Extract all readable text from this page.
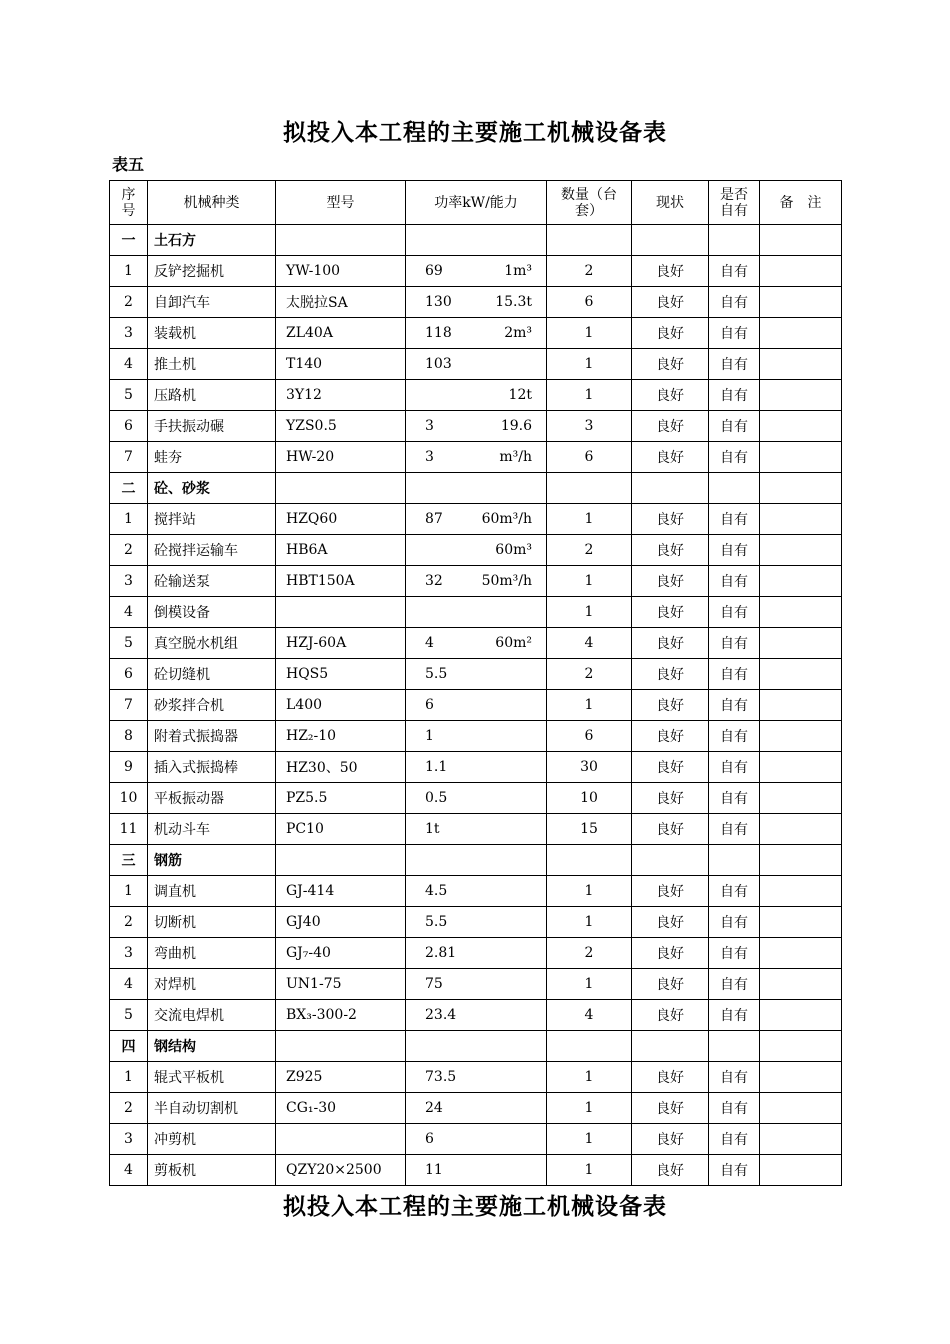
拟投入本工程的主要施工机械设备表
表五
序号	机械种类	型号	功率kW/能力	数量（台套）	现状	是否自有	备　注
一	土石方						
1	反铲挖掘机	YW-100	69 1m³	2	良好	自有	
2	自卸汽车	太脱拉SA	130 15.3t	6	良好	自有	
3	装载机	ZL40A	118 2m³	1	良好	自有	
4	推土机	T140	103	1	良好	自有	
5	压路机	3Y12	12t	1	良好	自有	
6	手扶振动碾	YZS0.5	3 19.6	3	良好	自有	
7	蛙夯	HW-20	3 m³/h	6	良好	自有	
二	砼、砂浆						
1	搅拌站	HZQ60	87 60m³/h	1	良好	自有	
2	砼搅拌运输车	HB6A	60m³	2	良好	自有	
3	砼输送泵	HBT150A	32 50m³/h	1	良好	自有	
4	倒模设备			1	良好	自有	
5	真空脱水机组	HZJ-60A	4 60m²	4	良好	自有	
6	砼切缝机	HQS5	5.5	2	良好	自有	
7	砂浆拌合机	L400	6	1	良好	自有	
8	附着式振捣器	HZ₂-10	1	6	良好	自有	
9	插入式振捣棒	HZ30、50	1.1	30	良好	自有	
10	平板振动器	PZ5.5	0.5	10	良好	自有	
11	机动斗车	PC10	1t	15	良好	自有	
三	钢筋						
1	调直机	GJ-414	4.5	1	良好	自有	
2	切断机	GJ40	5.5	1	良好	自有	
3	弯曲机	GJ₇-40	2.81	2	良好	自有	
4	对焊机	UN1-75	75	1	良好	自有	
5	交流电焊机	BX₃-300-2	23.4	4	良好	自有	
四	钢结构						
1	辊式平板机	Z925	73.5	1	良好	自有	
2	半自动切割机	CG₁-30	24	1	良好	自有	
3	冲剪机		6	1	良好	自有	
4	剪板机	QZY20×2500	11	1	良好	自有	
拟投入本工程的主要施工机械设备表
